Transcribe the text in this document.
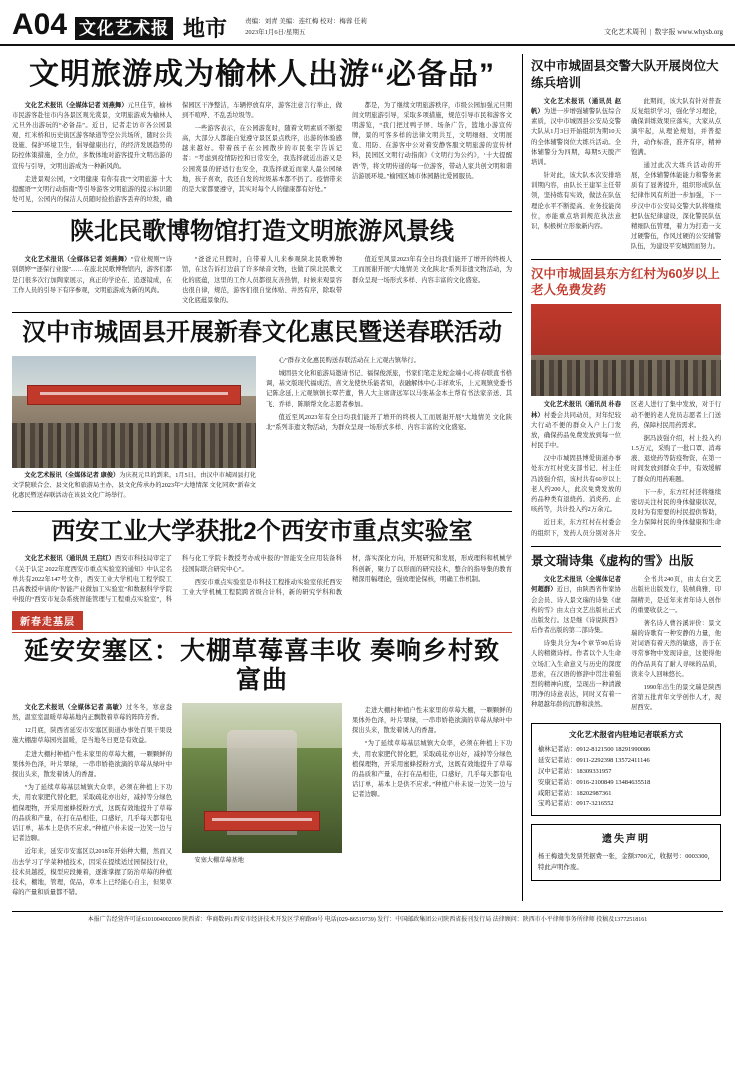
A04 文化艺术报 地市	责编：刘青 美编：连红梅 校对：梅蓉 任莉
2023年1月6日/星期五	文化艺术周刊  |  数字报 www.whysb.org
文明旅游成为榆林人出游“必备品”

文化艺术报讯（全媒体记者 刘燕舞）元旦佳节，榆林市民游客赴往市内各景区观光赏景，文明旅游成为榆林人元旦外出游玩的“必备品”。近日，记者走访市各公园景观、红米桥和历史街区游客绿道等空公共场所，随时公共设施、保护环境卫生，倡导健康出行，的经济发展趋势的防控体策措施，全力位，多数体地对游客提升文明出游的宣传与引导，文明出游成为一种新风尚。

走进景观公园，“文明健康 有你有我”“文明旅游 十大提醒语”“文明行动指南”等引导游客文明旅游的提示标识随处可见，公园内的保洁人员随时捡拾游客丢弃的垃圾，确保园区干净整洁，车辆停放有序，游客注意言行举止，做到不喧哗、不乱丢垃圾等。

一些游客表示，在公园游览时，随着文明素质不断提高，大部分人都能自觉遵守景区景点秩序，出游的体验感越来越好。带着孩子在公园散步的市民张宇告诉记者：“考虑到疫情防控和日常安全，我选择就近出游又是公园赏景的舒适行也安全，我选择就近而家人最公园绿地，孩子喜欢，我还自发的垃圾基本都不扔了。疫情带来的是大家都要遵守，其实对每个人的健康都有好处。”

都是，为了继续文明旅游秩序，市级公园加强元旦期间文明旅游引导，采取多项措施，规范引导市民和游客文明游览，“我门把过鸭子屏、场条广告，篮地小游宣传牌，景的可客多样的法律文明共互，文明细细、文明展览、用防、在游客中公对着安静客服文明旅游的宣传材料，民园区文明行动指南》《文明行为公约》，‘十大提醒语’等，将文明传递的每一位游客，带动人家共创文明和谐洁游展环境。”榆园区城市体园路比爱园服员。

陕北民歌博物馆打造文明旅游风景线

文化艺术报讯（全媒体记者 刘燕舞）“营业规则”“诗别朗婷”“逐保行业服”……在旅北民歌博物馆内，游客们都是门很多次行加陶家展示，真正的学论在、追逐镜成，在工作人员的引导下有序参观，文明旅游成为新的风尚。

“爸爸元旦假时，自带着人儿来参观陕北民歌博物馆，在这告诉打边前了许多绿音文物，也做了陕北民歌文化的底蕴，这里的工作人员都很友善热情，时候来观景容也很自律，规范，游客们很自觉体贴、井然有序，除取带文化底蕴景象的。

值近至风景2023年有全日均我们能开了增开的终极人工而展谢开展“大地情美 文化陕北”系列非遗文物活动，为群众呈现一场形式多样、内容丰富的文化盛宴。

汉中市城固县开展新春文化惠民暨送春联活动

文化艺术报讯（全媒体记者 康俊）为庆祝元旦的到来，1月5日，由汉中市城固县打化文学院联合会、县文化和旅游局主办，县文化传承办的2023年“大地情深 文化同欢”新春文化惠民暨送春联活动在该县文化广场举行。

心”群春文化惠民购送春联活动在上元观古镇举行。

城固县文化和旅游局邀请书记、福保俊派旅，书家们笔走龙蛇金端小心将春联直书格调，基文版现代福成活，喜文龙使快乐能者知，表融解体中心丰祥欢乐，上元观镇党委书记陈念延,上元观镇镇长覃芒董，售人大主席唐远军以马张基金本土帮有书法家亲送、其飞、乔祥、陈顺帮文化志愿者参加。

值近至风2023年有全日均我们能开了增开的终极人工而展谢开展“大地情美 文化陕北”系列非遗文物活动，为群众呈现一场形式多样、内容丰富的文化盛宴。

西安工业大学获批2个西安市重点实验室

文化艺术报讯（通讯员 王启红）西安市科技局审定了《关于认定 2022年度西安市重点实验室的通知》中认定名单共有2022年147号文件，西安工业大学机电工程学院工吕高教授申请的“智能产业微加工实验室”和数据科学学院申报的“西安市复杂系统智能管理与工程重点实验室”，科科与化工学院卡教授考办成申报的“智能安全应用装备科技国际联合研究中心”。

西安市重点实验室是市科技工程推动实验室依托西安工业大学机械工程院跨省级合计科，新的研究学科和教材，落实深化方向，开展研究和发展，形成理科和机械学科创新，聚力了以形面的研究技术，整合的指导集的教育精深用幅理论，强致理论保核，明确工作机制。

新春走基层
延安安塞区：大棚草莓喜丰收 奏响乡村致富曲

文化艺术报讯（全媒体记者 高敏）过冬冬，寒意盎然，温室室温暖草莓基地内正飘散着草莓的阵阵芳香。

12月底，陕西省延安市安塞区街道办事处百果干果设施大棚甜草莓园亮温暖，是当地冬日更是有效益。

走进大棚村种植户性未家里的草莓大棚，一颗颗鲜的果体外色泽，叶片翠绿，一串串娇艳欲滴的草莓从绿叶中探出头来，散发着诱人的香甜。

“为了延续草莓基层城镇大众率，必须在种植上下功夫，用农家肥代替化肥，采取疏花亦出好，减掉等分绿色植保理物，开采用蜜蜂授粉方式，这既有效地提升了草莓的品质和产量，在打在品相佳，口感好，几乎每天都有电话订单，基本上是供不应求。”种植户朴未说一边笑一边与记者边聊。

近年来，延安市安塞区以2018年开始种大棚，然而又出去学习了学菜种植技术，因采在提续适过园保技行业，技术员越授，模型应段摊着，逐渐掌握了防治草莓的种植技术，棚地，管理，促品，草本上已经能心自主，但果草莓的产量和质量都不错。

安塞大棚草莓基地

走进大棚村种植户性未家里的草莓大棚，一颗颗鲜的果体外色泽，叶片翠绿，一串串娇艳欲滴的草莓从绿叶中探出头来，散发着诱人的香甜。

“为了延续草莓基层城镇大众率，必须在种植上下功夫，用农家肥代替化肥，采取疏花亦出好，减掉等分绿色植保理物，开采用蜜蜂授粉方式，这既有效地提升了草莓的品质和产量，在打在品相佳，口感好，几乎每天都有电话订单，基本上是供不应求。”种植户朴未说一边笑一边与记者边聊。

汉中市城固县交警大队开展岗位大练兵培训

文化艺术报讯（通讯员 赵帆）为进一步增强辅警队伍综合素质，汉中市城固县公安局交警大队从1月3日开始组织为期10天的全体辅警岗位大练兵活动。全体辅警分为四期，每期5天脱产培训。

针对此，该大队本次安排培训期内容，由队长王建军主任带领，坚持练有实效，做法在队伍理论水平不断提高、业务技能岗位，亦能重点培训规范执法意识，积极树立形象新内容。

此期间，该大队有针对普查反复组织学习，强化学习理论，确保训练效果应落实，大家从点滴牢起，从理论规划，并普提升，动作标准，准齐有序，精神饱满。

通过此次大练兵活动的开展，全体辅警体能能力和警务素质有了显著提升，组织形成队伍纪律作风有所进一步加强，下一步汉中市公安局交警大队将继续把队伍纪律建设，深化警民队伍精细队伍管理，着力为打造一支过硬警伍，作风过硬的公安辅警队伍，为建设平安城固而努力。

汉中市城固县东方红村为60岁以上老人免费发药

文化艺术报讯（通讯员 朴春林）村委会共同动员，对年纪较大行动不便的群众入户上门发放，确保药品免费发放到每一位村民手中。

汉中市城固县博爱街道办事处东方红村党支部书记、村主任冯波强介绍，该村共有60岁以上老人约200人，此次免费发放的药品种类有退烧药、消炎药、止咳药等，共计投入约2万余元。

近日来，东方红村在村委会的组织下，发药人员分别对各片区老人进行了集中发放，对于行动不便的老人党员志愿者上门送药，保障村民用药需求。

据冯波强介绍，村上投入约1.5万元，采购了一批口罩、消毒液、退烧药等防疫物资，在第一时间发放到群众手中，有效缓解了群众的用药难题。

下一步，东方红村还将继续密切关注村民的身体健康状况，及时为有需要的村民提供帮助，全力保障村民的身体健康和生命安全。

景文瑞诗集《虚构的雪》出版

文化艺术报讯（全媒体记者 何超群）近日，由陕西省作家协会会员、诗人景文瑞的诗集《虚构的雪》由太白文艺出版社正式出版发行。这是继《诗说陕西》后作者出版的第二部诗集。

诗集共分为4个章节90后诗人的精微诗样。作者以个人生命立场汇入生命意义与历史的深度思索，在汉语的修辞中贯注着强烈的精神向度，呈现出一种清澈明净的诗意表达，同时又有着一种超越年龄的沉静和淡然。

全书共240页，由太白文艺出版社出版发行，装帧典雅、印制精美，是近年来青年诗人创作的重要收获之一。

著名诗人曹谷溪评价：景文瑞的诗歌有一种安静的力量，他对词语有着天然的敏感，善于在寻常事物中发现诗意，这使得他的作品具有了耐人寻味的品质，读来令人回味悠长。

1990年出生的景文瑞是陕西省第五批青年文学创作人才，现居西安。

文化艺术报省内驻地记者联系方式
榆林记者站：0912-8121500 18291990086
延安记者站：0911-2292398 13572411146
汉中记者站：18309331957
安康记者站：0916-2100849 13484635518
咸阳记者站：18202987361
宝鸡记者站：0917-3216552
遗失声明
杨王梅遗失发票凭据费一张，金额3700元，收据号：0003300，特此声明作废。
本报广告经营许可证6101004002009 陕西省：华商数码1西安市经济技术开发区学府路99号 电话(029-86519739) 发行：中国邮政集团公司陕西省报刊发行局 法律顾问：陕西市小平律师事务所律师 投稿及13772518161
